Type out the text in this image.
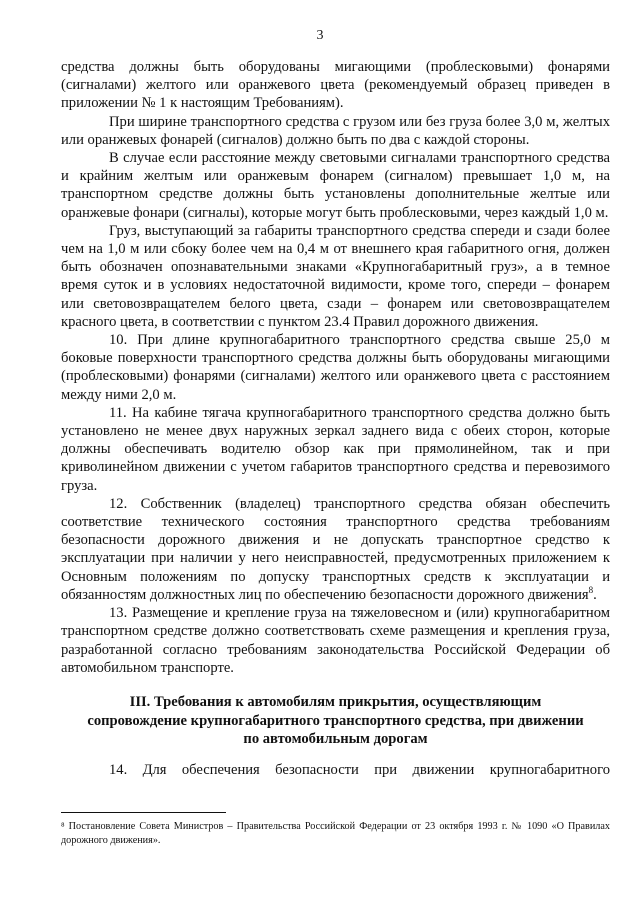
3

средства должны быть оборудованы мигающими (проблесковыми) фонарями (сигналами) желтого или оранжевого цвета (рекомендуемый образец приведен в приложении № 1 к настоящим Требованиям).

При ширине транспортного средства с грузом или без груза более 3,0 м, желтых или оранжевых фонарей (сигналов) должно быть по два с каждой стороны.

В случае если расстояние между световыми сигналами транспортного средства и крайним желтым или оранжевым фонарем (сигналом) превышает 1,0 м, на транспортном средстве должны быть установлены дополнительные желтые или оранжевые фонари (сигналы), которые могут быть проблесковыми, через каждый 1,0 м.

Груз, выступающий за габариты транспортного средства спереди и сзади более чем на 1,0 м или сбоку более чем на 0,4 м от внешнего края габаритного огня, должен быть обозначен опознавательными знаками «Крупногабаритный груз», а в темное время суток и в условиях недостаточной видимости, кроме того, спереди – фонарем или световозвращателем белого цвета, сзади – фонарем или световозвращателем красного цвета, в соответствии с пунктом 23.4 Правил дорожного движения.

10. При длине крупногабаритного транспортного средства свыше 25,0 м боковые поверхности транспортного средства должны быть оборудованы мигающими (проблесковыми) фонарями (сигналами) желтого или оранжевого цвета с расстоянием между ними 2,0 м.

11. На кабине тягача крупногабаритного транспортного средства должно быть установлено не менее двух наружных зеркал заднего вида с обеих сторон, которые должны обеспечивать водителю обзор как при прямолинейном, так и при криволинейном движении с учетом габаритов транспортного средства и перевозимого груза.

12. Собственник (владелец) транспортного средства обязан обеспечить соответствие технического состояния транспортного средства требованиям безопасности дорожного движения и не допускать транспортное средство к эксплуатации при наличии у него неисправностей, предусмотренных приложением к Основным положениям по допуску транспортных средств к эксплуатации и обязанностям должностных лиц по обеспечению безопасности дорожного движения$^8$.

13. Размещение и крепление груза на тяжеловесном и (или) крупногабаритном транспортном средстве должно соответствовать схеме размещения и крепления груза, разработанной согласно требованиям законодательства Российской Федерации об автомобильном транспорте.

III. Требования к автомобилям прикрытия, осуществляющим
сопровождение крупногабаритного транспортного средства, при движении
по автомобильным дорогам

14. Для обеспечения безопасности при движении крупногабаритного

⁸ Постановление Совета Министров – Правительства Российской Федерации от 23 октября 1993 г. № 1090 «О Правилах дорожного движения».
